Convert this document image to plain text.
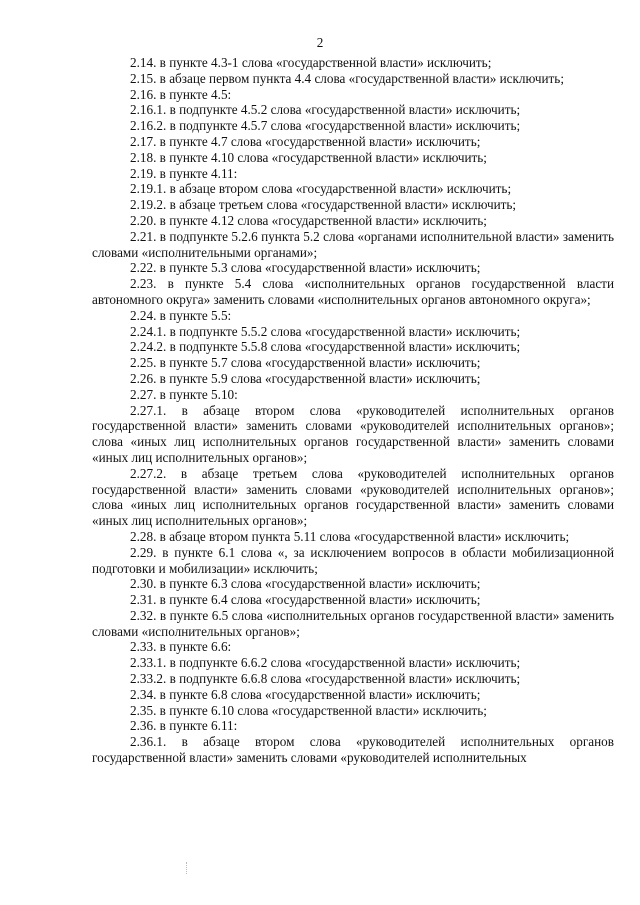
2

2.14. в пункте 4.3-1 слова «государственной власти» исключить;

2.15. в абзаце первом пункта 4.4 слова «государственной власти» исключить;

2.16. в пункте 4.5:

2.16.1. в подпункте 4.5.2 слова «государственной власти» исключить;

2.16.2. в подпункте 4.5.7 слова «государственной власти» исключить;

2.17. в пункте 4.7 слова «государственной власти» исключить;

2.18. в пункте 4.10 слова «государственной власти» исключить;

2.19. в пункте 4.11:

2.19.1. в абзаце втором слова «государственной власти» исключить;

2.19.2. в абзаце третьем слова «государственной власти» исключить;

2.20. в пункте 4.12 слова «государственной власти» исключить;

2.21. в подпункте 5.2.6 пункта 5.2 слова «органами исполнительной власти» заменить словами «исполнительными органами»;

2.22. в пункте 5.3 слова «государственной власти» исключить;

2.23. в пункте 5.4 слова «исполнительных органов государственной власти автономного округа» заменить словами «исполнительных органов автономного округа»;

2.24. в пункте 5.5:

2.24.1. в подпункте 5.5.2 слова «государственной власти» исключить;

2.24.2. в подпункте 5.5.8 слова «государственной власти» исключить;

2.25. в пункте 5.7 слова «государственной власти» исключить;

2.26. в пункте 5.9 слова «государственной власти» исключить;

2.27. в пункте 5.10:

2.27.1. в абзаце втором слова «руководителей исполнительных органов государственной власти» заменить словами «руководителей исполнительных органов»; слова «иных лиц исполнительных органов государственной власти» заменить словами «иных лиц исполнительных органов»;

2.27.2. в абзаце третьем слова «руководителей исполнительных органов государственной власти» заменить словами «руководителей исполнительных органов»; слова «иных лиц исполнительных органов государственной власти» заменить словами «иных лиц исполнительных органов»;

2.28. в абзаце втором пункта 5.11 слова «государственной власти» исключить;

2.29. в пункте 6.1 слова «, за исключением вопросов в области мобилизационной подготовки и мобилизации» исключить;

2.30. в пункте 6.3 слова «государственной власти» исключить;

2.31. в пункте 6.4 слова «государственной власти» исключить;

2.32. в пункте 6.5 слова «исполнительных органов государственной власти» заменить словами «исполнительных органов»;

2.33. в пункте 6.6:

2.33.1. в подпункте 6.6.2 слова «государственной власти» исключить;

2.33.2. в подпункте 6.6.8 слова «государственной власти» исключить;

2.34. в пункте 6.8 слова «государственной власти» исключить;

2.35. в пункте 6.10 слова «государственной власти» исключить;

2.36. в пункте 6.11:

2.36.1. в абзаце втором слова «руководителей исполнительных органов государственной власти» заменить словами «руководителей исполнительных
